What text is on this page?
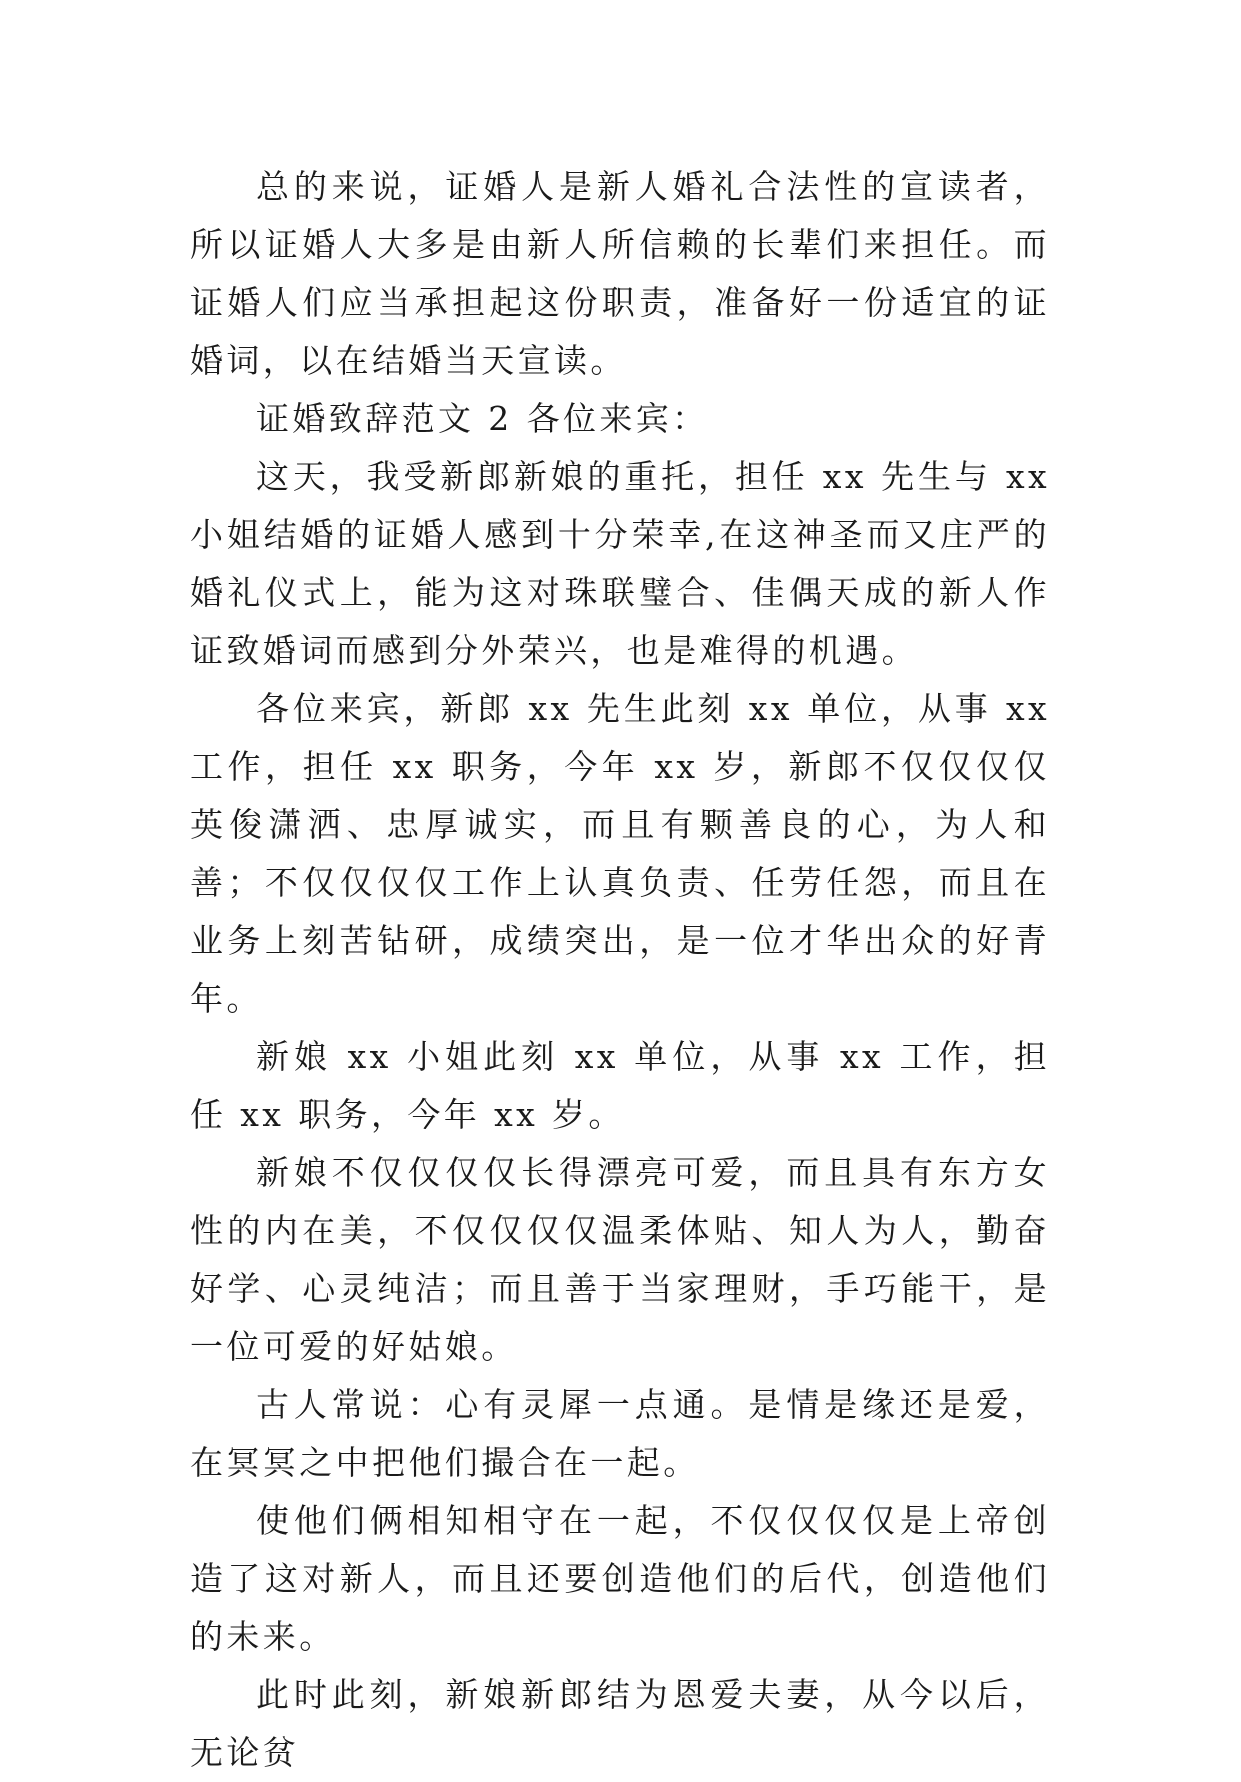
总的来说，证婚人是新人婚礼合法性的宣读者，所以证婚人大多是由新人所信赖的长辈们来担任。而证婚人们应当承担起这份职责，准备好一份适宜的证婚词，以在结婚当天宣读。

证婚致辞范文 2 各位来宾：

这天，我受新郎新娘的重托，担任 xx 先生与 xx 小姐结婚的证婚人感到十分荣幸,在这神圣而又庄严的婚礼仪式上，能为这对珠联璧合、佳偶天成的新人作证致婚词而感到分外荣兴，也是难得的机遇。

各位来宾，新郎 xx 先生此刻 xx 单位，从事 xx 工作，担任 xx 职务，今年 xx 岁，新郎不仅仅仅仅英俊潇洒、忠厚诚实，而且有颗善良的心，为人和善；不仅仅仅仅工作上认真负责、任劳任怨，而且在业务上刻苦钻研，成绩突出，是一位才华出众的好青年。

新娘 xx 小姐此刻 xx 单位，从事 xx 工作，担任 xx 职务，今年 xx 岁。

新娘不仅仅仅仅长得漂亮可爱，而且具有东方女性的内在美，不仅仅仅仅温柔体贴、知人为人，勤奋好学、心灵纯洁；而且善于当家理财，手巧能干，是一位可爱的好姑娘。

古人常说：心有灵犀一点通。是情是缘还是爱，在冥冥之中把他们撮合在一起。

使他们俩相知相守在一起，不仅仅仅仅是上帝创造了这对新人，而且还要创造他们的后代，创造他们的未来。

此时此刻，新娘新郎结为恩爱夫妻，从今以后，无论贫
